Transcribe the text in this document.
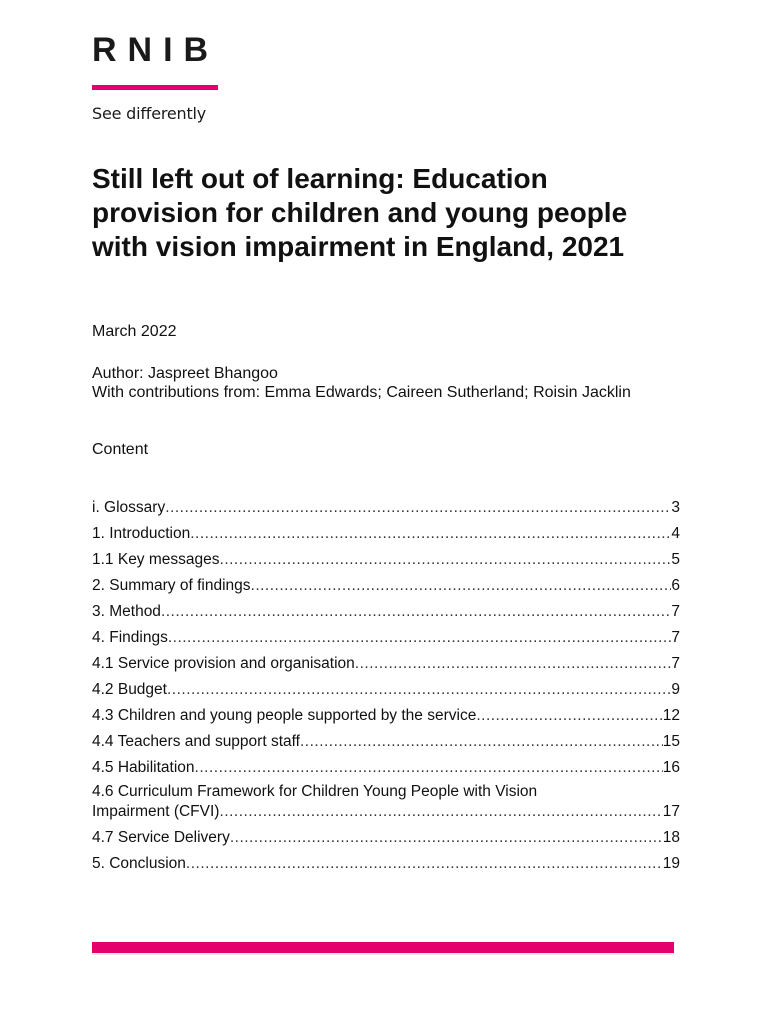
RNIB
See differently
Still left out of learning: Education provision for children and young people with vision impairment in England, 2021
March 2022
Author: Jaspreet Bhangoo
With contributions from: Emma Edwards; Caireen Sutherland; Roisin Jacklin
Content
i. Glossary .....	3
1. Introduction .....	4
1.1 Key messages .....	5
2. Summary of findings .....	6
3. Method .....	7
4. Findings .....	7
4.1 Service provision and organisation .....	7
4.2 Budget .....	9
4.3 Children and young people supported by the service .....	12
4.4 Teachers and support staff .....	15
4.5 Habilitation .....	16
4.6 Curriculum Framework for Children Young People with Vision
Impairment (CFVI) .....	17
4.7 Service Delivery .....	18
5. Conclusion .....	19
